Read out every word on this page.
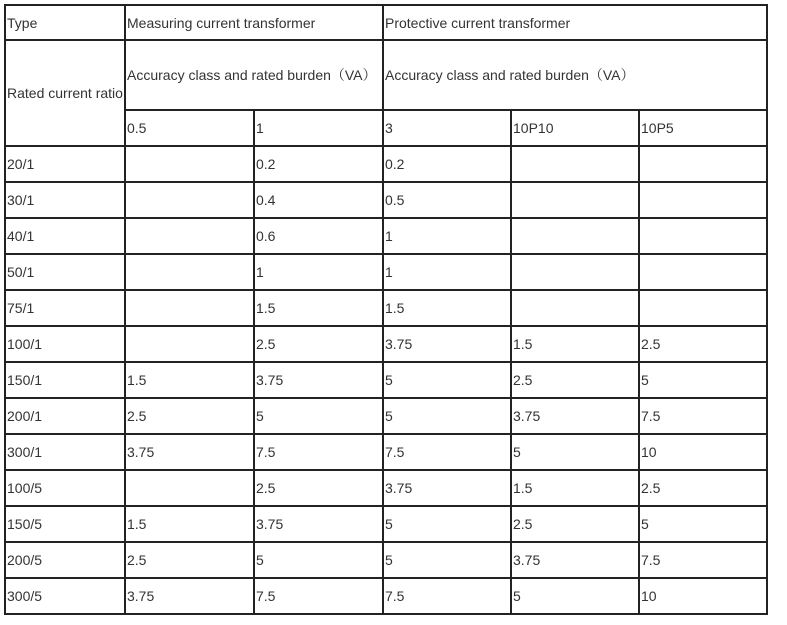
Type	Measuring current transformer		Protective current transformer		
Rated current ratio	Accuracy class and rated burden（VA）		Accuracy class and rated burden（VA）		
	0.5	1	3	10P10	10P5
20/1		0.2	0.2		
30/1		0.4	0.5		
40/1		0.6	1		
50/1		1	1		
75/1		1.5	1.5		
100/1		2.5	3.75	1.5	2.5
150/1	1.5	3.75	5	2.5	5
200/1	2.5	5	5	3.75	7.5
300/1	3.75	7.5	7.5	5	10
100/5		2.5	3.75	1.5	2.5
150/5	1.5	3.75	5	2.5	5
200/5	2.5	5	5	3.75	7.5
300/5	3.75	7.5	7.5	5	10
